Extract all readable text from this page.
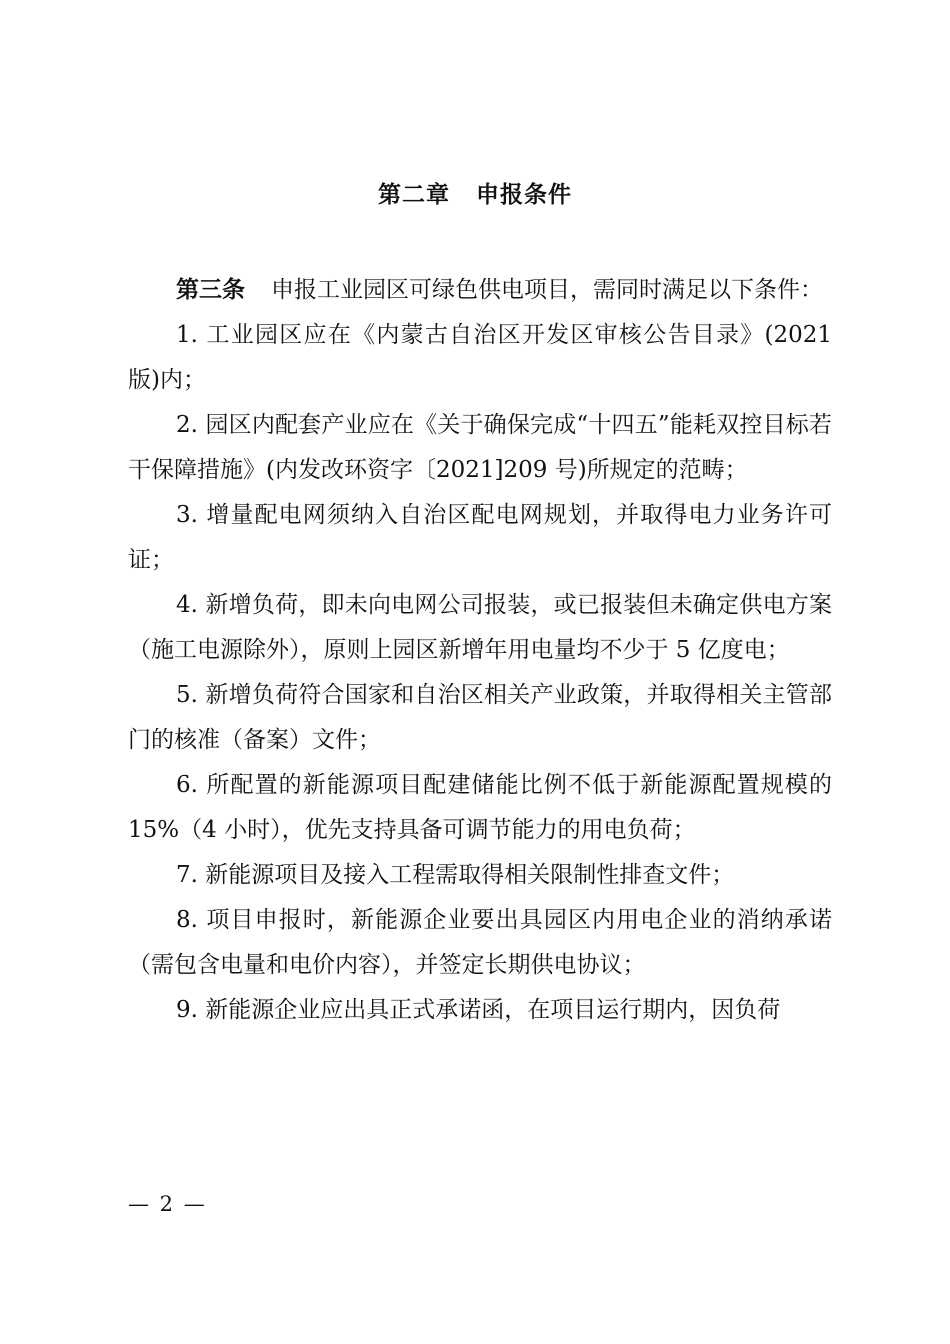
第二章 申报条件

第三条 申报工业园区可绿色供电项目，需同时满足以下条件：

1. 工业园区应在《内蒙古自治区开发区审核公告目录》(2021版)内；

2. 园区内配套产业应在《关于确保完成“十四五”能耗双控目标若干保障措施》(内发改环资字〔2021]209 号)所规定的范畴；

3. 增量配电网须纳入自治区配电网规划，并取得电力业务许可证；

4. 新增负荷，即未向电网公司报装，或已报装但未确定供电方案（施工电源除外），原则上园区新增年用电量均不少于 5 亿度电；

5. 新增负荷符合国家和自治区相关产业政策，并取得相关主管部门的核准（备案）文件；

6. 所配置的新能源项目配建储能比例不低于新能源配置规模的 15%（4 小时），优先支持具备可调节能力的用电负荷；

7. 新能源项目及接入工程需取得相关限制性排查文件；

8. 项目申报时，新能源企业要出具园区内用电企业的消纳承诺（需包含电量和电价内容），并签定长期供电协议；

9. 新能源企业应出具正式承诺函，在项目运行期内，因负荷

— 2 —
